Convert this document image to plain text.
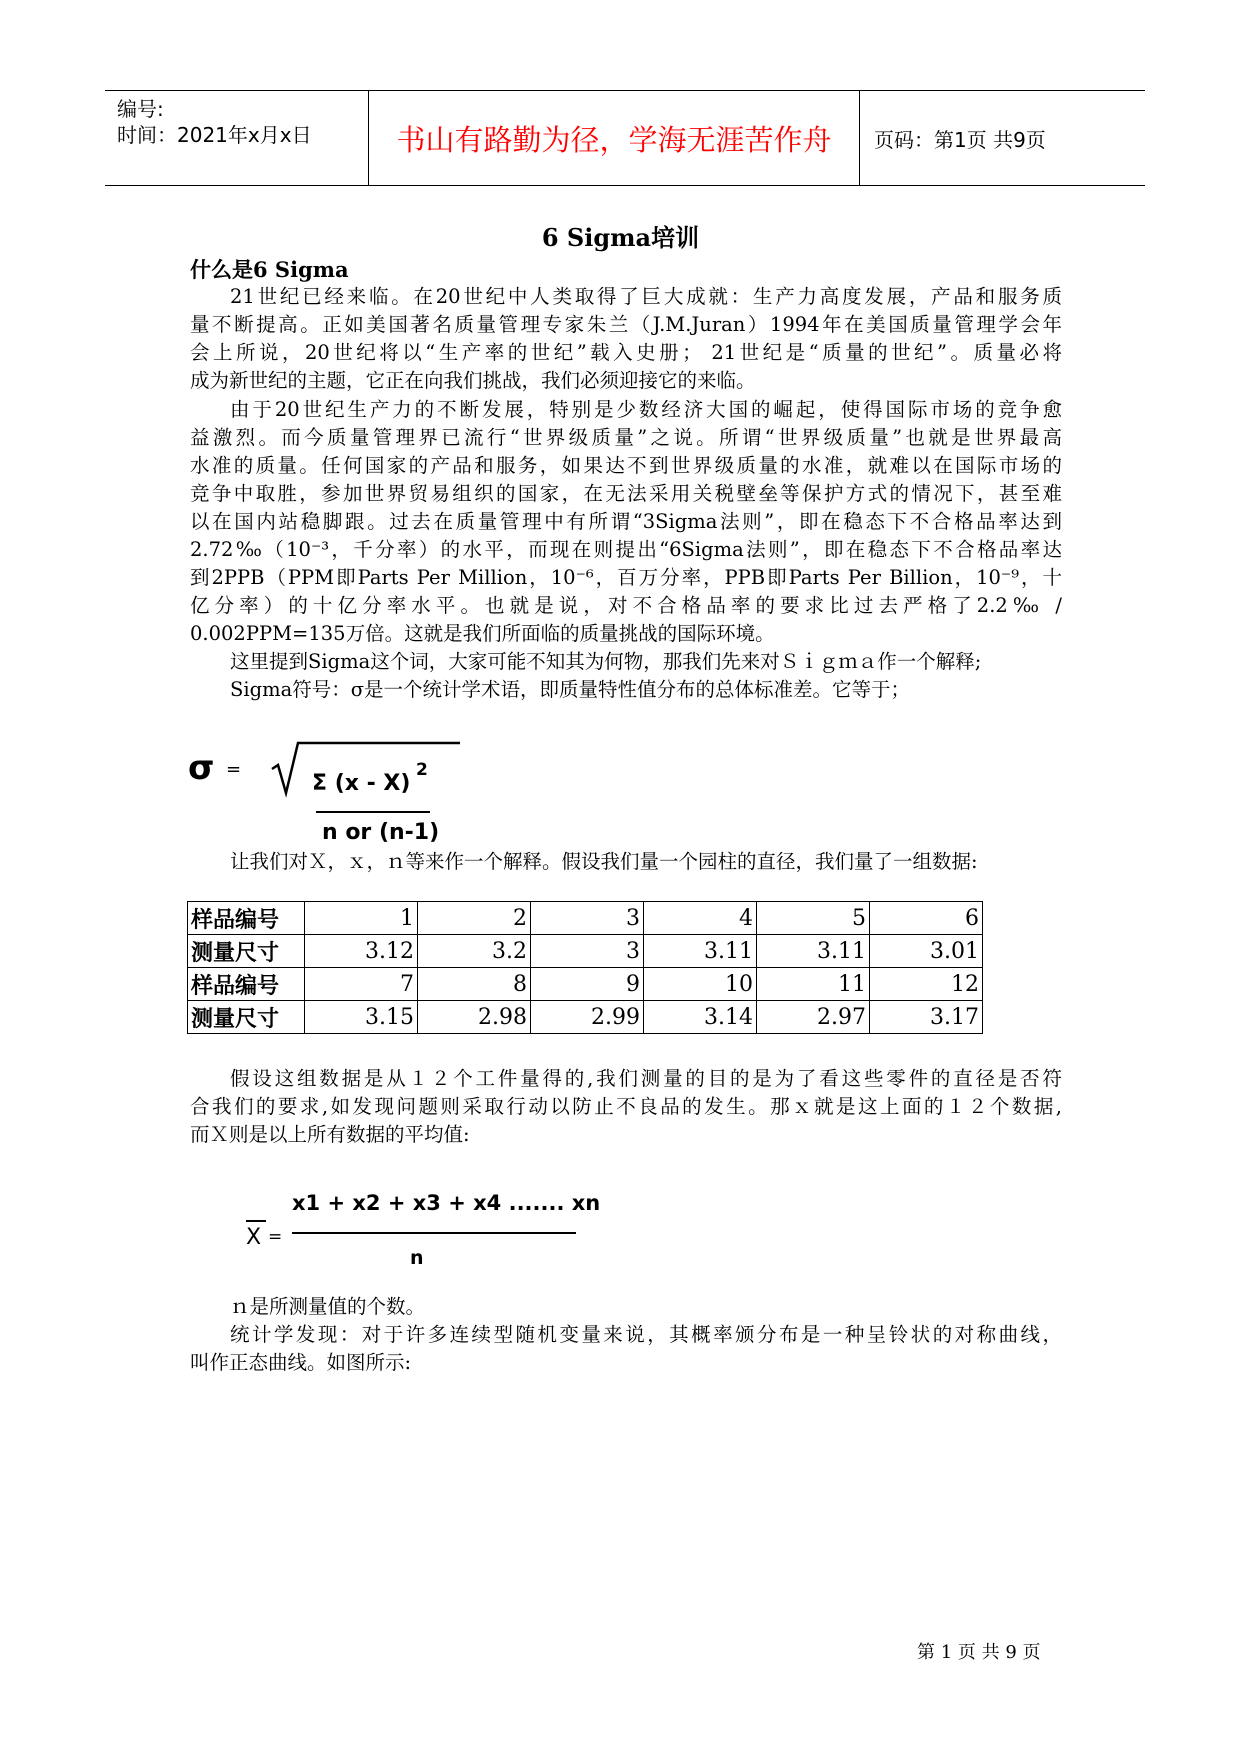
编号:
时间：2021年x月x日	书山有路勤为径，学海无涯苦作舟	页码：第1页 共9页
6 Sigma培训
什么是6 Sigma
21世纪已经来临。在20世纪中人类取得了巨大成就：生产力高度发展，产品和服务质
量不断提高。正如美国著名质量管理专家朱兰（J.M.Juran）1994年在美国质量管理学会年
会上所说，20世纪将以“生产率的世纪”载入史册； 21世纪是“质量的世纪”。质量必将
成为新世纪的主题，它正在向我们挑战，我们必须迎接它的来临。
由于20世纪生产力的不断发展，特别是少数经济大国的崛起，使得国际市场的竞争愈
益激烈。而今质量管理界已流行“世界级质量”之说。所谓“世界级质量”也就是世界最高
水准的质量。任何国家的产品和服务，如果达不到世界级质量的水准，就难以在国际市场的
竞争中取胜，参加世界贸易组织的国家，在无法采用关税壁垒等保护方式的情况下，甚至难
以在国内站稳脚跟。过去在质量管理中有所谓“3Sigma法则”，即在稳态下不合格品率达到
2.72‰（10⁻³，千分率）的水平，而现在则提出“6Sigma法则”，即在稳态下不合格品率达
到2PPB（PPM即Parts Per Million，10⁻⁶，百万分率，PPB即Parts Per Billion，10⁻⁹，十
亿分率）的十亿分率水平。也就是说，对不合格品率的要求比过去严格了2.2‰ /
0.002PPM=135万倍。这就是我们所面临的质量挑战的国际环境。
这里提到Sigma这个词，大家可能不知其为何物，那我们先来对Ｓｉｇｍａ作一个解释;
Sigma符号：σ是一个统计学术语，即质量特性值分布的总体标准差。它等于；
σ =
Σ (x - X)
2
n or (n-1)
让我们对Ｘ，ｘ，ｎ等来作一个解释。假设我们量一个园柱的直径，我们量了一组数据:
样品编号	1	2	3	4	5	6
测量尺寸	3.12	3.2	3	3.11	3.11	3.01
样品编号	7	8	9	10	11	12
测量尺寸	3.15	2.98	2.99	3.14	2.97	3.17
假设这组数据是从１２个工件量得的,我们测量的目的是为了看这些零件的直径是否符
合我们的要求,如发现问题则采取行动以防止不良品的发生。那ｘ就是这上面的１２个数据,
而Ｘ则是以上所有数据的平均值:
X =
x1 + x2 + x3 + x4 ....... xn
n
ｎ是所测量值的个数。
统计学发现：对于许多连续型随机变量来说，其概率颁分布是一种呈铃状的对称曲线，
叫作正态曲线。如图所示:
第 1 页 共 9 页
